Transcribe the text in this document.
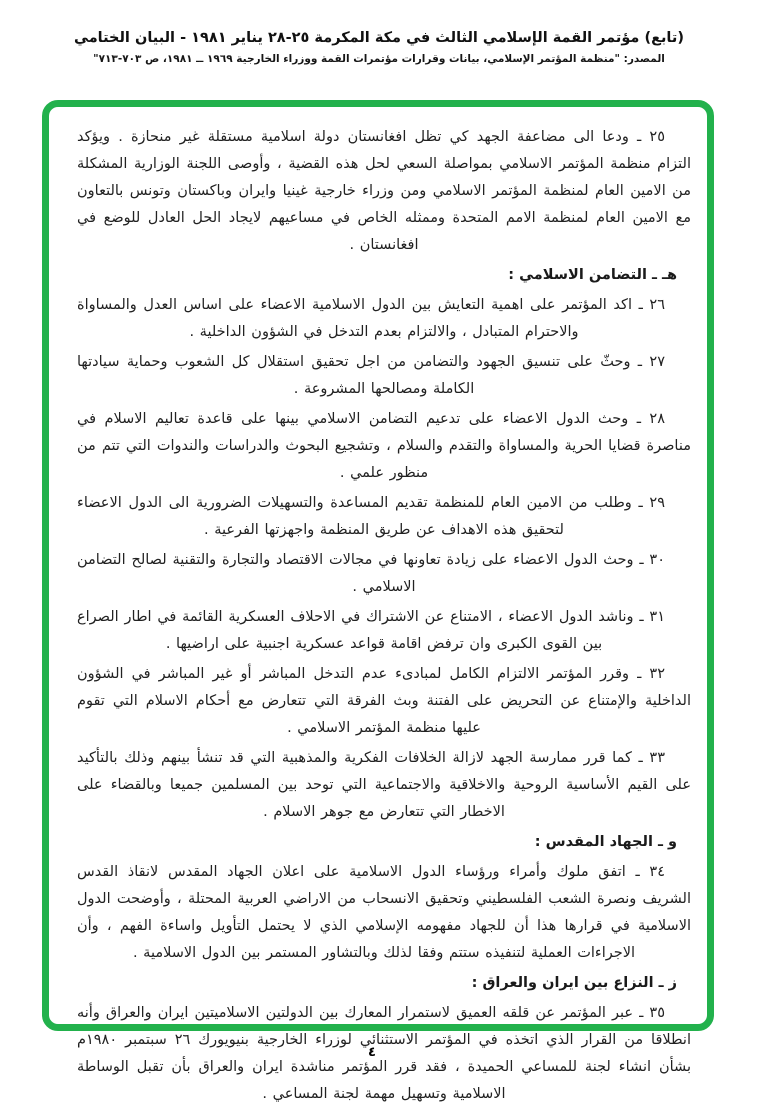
(تابع) مؤتمر القمة الإسلامي الثالث في مكة المكرمة ٢٥-٢٨ يناير ١٩٨١ - البيان الختامي
المصدر: "منظمة المؤتمر الإسلامي، بيانات وقرارات مؤتمرات القمة ووزراء الخارجية ١٩٦٩ ــ ١٩٨١، ص ٧٠٣-٧١٣"

٢٥ ـ ودعا الى مضاعفة الجهد كي تظل افغانستان دولة اسلامية مستقلة غير منحازة . ويؤكد التزام منظمة المؤتمر الاسلامي بمواصلة السعي لحل هذه القضية ، وأوصى اللجنة الوزارية المشكلة من الامين العام لمنظمة المؤتمر الاسلامي ومن وزراء خارجية غينيا وايران وباكستان وتونس بالتعاون مع الامين العام لمنظمة الامم المتحدة وممثله الخاص في مساعيهم لايجاد الحل العادل للوضع في افغانستان .

هـ ـ التضامن الاسلامي :

٢٦ ـ اكد المؤتمر على اهمية التعايش بين الدول الاسلامية الاعضاء على اساس العدل والمساواة والاحترام المتبادل ، والالتزام بعدم التدخل في الشؤون الداخلية .

٢٧ ـ وحثّ على تنسيق الجهود والتضامن من اجل تحقيق استقلال كل الشعوب وحماية سيادتها الكاملة ومصالحها المشروعة .

٢٨ ـ وحث الدول الاعضاء على تدعيم التضامن الاسلامي بينها على قاعدة تعاليم الاسلام في مناصرة قضايا الحرية والمساواة والتقدم والسلام ، وتشجيع البحوث والدراسات والندوات التي تتم من منظور علمي .

٢٩ ـ وطلب من الامين العام للمنظمة تقديم المساعدة والتسهيلات الضرورية الى الدول الاعضاء لتحقيق هذه الاهداف عن طريق المنظمة واجهزتها الفرعية .

٣٠ ـ وحث الدول الاعضاء على زيادة تعاونها في مجالات الاقتصاد والتجارة والتقنية لصالح التضامن الاسلامي .

٣١ ـ وناشد الدول الاعضاء ، الامتناع عن الاشتراك في الاحلاف العسكرية القائمة في اطار الصراع بين القوى الكبرى وان ترفض اقامة قواعد عسكرية اجنبية على اراضيها .

٣٢ ـ وقرر المؤتمر الالتزام الكامل لمبادىء عدم التدخل المباشر أو غير المباشر في الشؤون الداخلية والإمتناع عن التحريض على الفتنة وبث الفرقة التي تتعارض مع أحكام الاسلام التي تقوم عليها منظمة المؤتمر الاسلامي .

٣٣ ـ كما قرر ممارسة الجهد لازالة الخلافات الفكرية والمذهبية التي قد تنشأ بينهم وذلك بالتأكيد على القيم الأساسية الروحية والاخلاقية والاجتماعية التي توحد بين المسلمين جميعا وبالقضاء على الاخطار التي تتعارض مع جوهر الاسلام .

و ـ الجهاد المقدس :

٣٤ ـ اتفق ملوك وأمراء ورؤساء الدول الاسلامية على اعلان الجهاد المقدس لانقاذ القدس الشريف ونصرة الشعب الفلسطيني وتحقيق الانسحاب من الاراضي العربية المحتلة ، وأوضحت الدول الاسلامية في قرارها هذا أن للجهاد مفهومه الإسلامي الذي لا يحتمل التأويل واساءة الفهم ، وأن الاجراءات العملية لتنفيذه ستتم وفقا لذلك وبالتشاور المستمر بين الدول الاسلامية .

ز ـ النزاع بين ايران والعراق :

٣٥ ـ عبر المؤتمر عن قلقه العميق لاستمرار المعارك بين الدولتين الاسلاميتين ايران والعراق وأنه انطلاقا من القرار الذي اتخذه في المؤتمر الاستثنائي لوزراء الخارجية بنيويورك ٢٦ سبتمبر ١٩٨٠م بشأن انشاء لجنة للمساعي الحميدة ، فقد قرر المؤتمر مناشدة ايران والعراق بأن تقبل الوساطة الاسلامية وتسهيل مهمة لجنة المساعي .

٤
